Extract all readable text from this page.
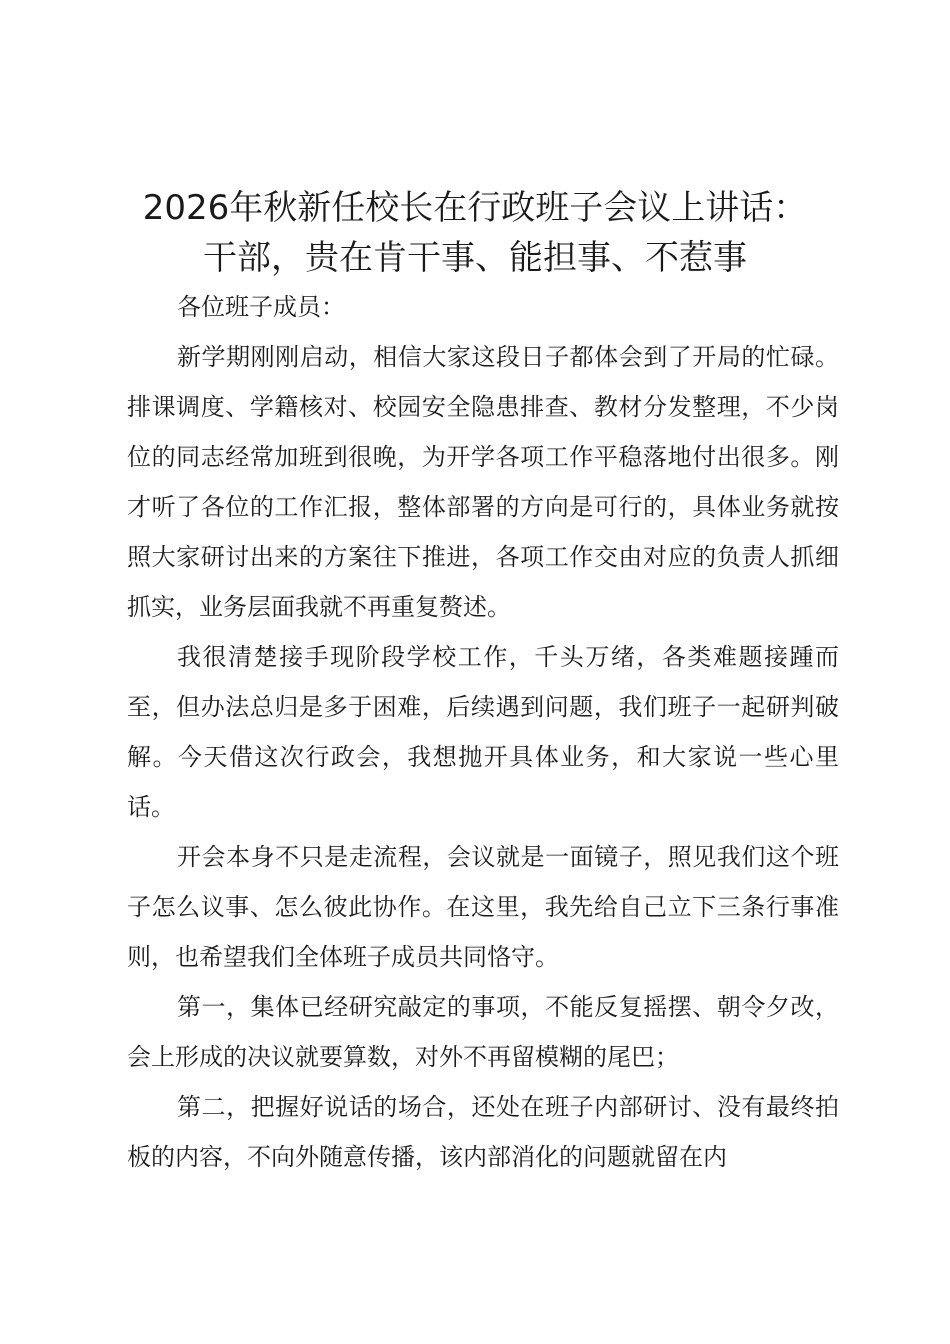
2026年秋新任校长在行政班子会议上讲话：
干部，贵在肯干事、能担事、不惹事

各位班子成员：

新学期刚刚启动，相信大家这段日子都体会到了开局的忙碌。排课调度、学籍核对、校园安全隐患排查、教材分发整理，不少岗位的同志经常加班到很晚，为开学各项工作平稳落地付出很多。刚才听了各位的工作汇报，整体部署的方向是可行的，具体业务就按照大家研讨出来的方案往下推进，各项工作交由对应的负责人抓细抓实，业务层面我就不再重复赘述。

我很清楚接手现阶段学校工作，千头万绪，各类难题接踵而至，但办法总归是多于困难，后续遇到问题，我们班子一起研判破解。今天借这次行政会，我想抛开具体业务，和大家说一些心里话。

开会本身不只是走流程，会议就是一面镜子，照见我们这个班子怎么议事、怎么彼此协作。在这里，我先给自己立下三条行事准则，也希望我们全体班子成员共同恪守。

第一，集体已经研究敲定的事项，不能反复摇摆、朝令夕改，会上形成的决议就要算数，对外不再留模糊的尾巴；

第二，把握好说话的场合，还处在班子内部研讨、没有最终拍板的内容，不向外随意传播，该内部消化的问题就留在内
